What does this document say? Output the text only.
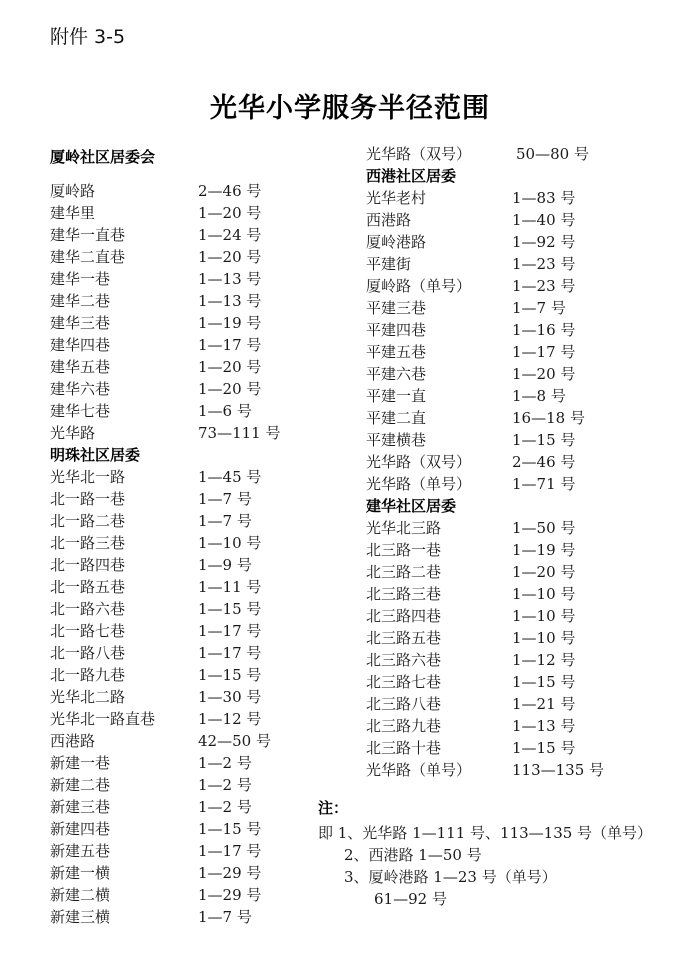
附件 3-5
光华小学服务半径范围
厦岭社区居委会
厦岭路	2—46 号
建华里	1—20 号
建华一直巷	1—24 号
建华二直巷	1—20 号
建华一巷	1—13 号
建华二巷	1—13 号
建华三巷	1—19 号
建华四巷	1—17 号
建华五巷	1—20 号
建华六巷	1—20 号
建华七巷	1—6 号
光华路	73—111 号
明珠社区居委
光华北一路	1—45 号
北一路一巷	1—7 号
北一路二巷	1—7 号
北一路三巷	1—10 号
北一路四巷	1—9 号
北一路五巷	1—11 号
北一路六巷	1—15 号
北一路七巷	1—17 号
北一路八巷	1—17 号
北一路九巷	1—15 号
光华北二路	1—30 号
光华北一路直巷	1—12 号
西港路	42—50 号
新建一巷	1—2 号
新建二巷	1—2 号
新建三巷	1—2 号
新建四巷	1—15 号
新建五巷	1—17 号
新建一横	1—29 号
新建二横	1—29 号
新建三横	1—7 号
光华路（双号）	50—80 号
西港社区居委
光华老村	1—83 号
西港路	1—40 号
厦岭港路	1—92 号
平建街	1—23 号
厦岭路（单号）	1—23 号
平建三巷	1—7 号
平建四巷	1—16 号
平建五巷	1—17 号
平建六巷	1—20 号
平建一直	1—8 号
平建二直	16—18 号
平建横巷	1—15 号
光华路（双号）	2—46 号
光华路（单号）	1—71 号
建华社区居委
光华北三路	1—50 号
北三路一巷	1—19 号
北三路二巷	1—20 号
北三路三巷	1—10 号
北三路四巷	1—10 号
北三路五巷	1—10 号
北三路六巷	1—12 号
北三路七巷	1—15 号
北三路八巷	1—21 号
北三路九巷	1—13 号
北三路十巷	1—15 号
光华路（单号）	113—135 号
注：
即 1、光华路 1—111 号、113—135 号（单号）
2、西港路 1—50 号
3、厦岭港路 1—23 号（单号）
61—92 号
